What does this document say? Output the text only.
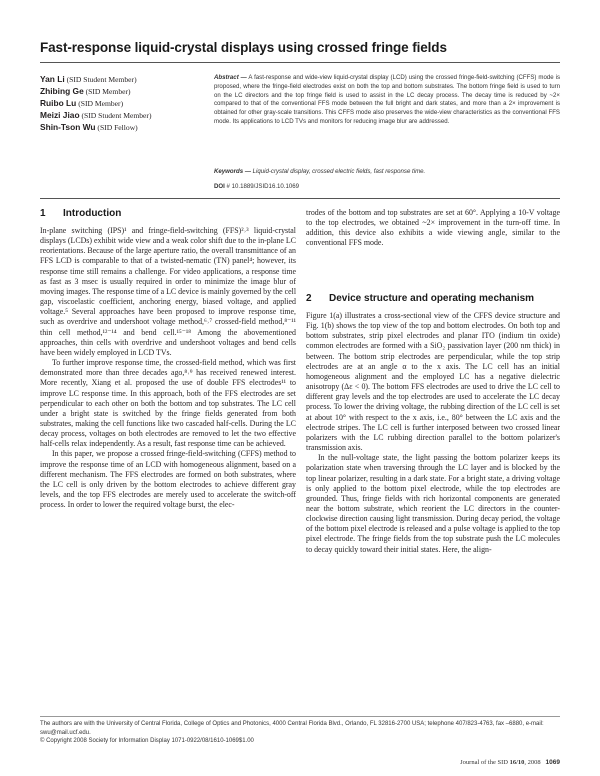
Fast-response liquid-crystal displays using crossed fringe fields
Yan Li (SID Student Member)
Zhibing Ge (SID Member)
Ruibo Lu (SID Member)
Meizi Jiao (SID Student Member)
Shin-Tson Wu (SID Fellow)
Abstract — A fast-response and wide-view liquid-crystal display (LCD) using the crossed fringe-field-switching (CFFS) mode is proposed, where the fringe-field electrodes exist on both the top and bottom substrates. The bottom fringe field is used to turn on the LC directors and the top fringe field is used to assist in the LC decay process. The decay time is reduced by ~2× compared to that of the conventional FFS mode between the full bright and dark states, and more than a 2× improvement is obtained for other gray-scale transitions. This CFFS mode also preserves the wide-view characteristics as the conventional FFS mode. Its applications to LCD TVs and monitors for reducing image blur are addressed.
Keywords — Liquid-crystal display, crossed electric fields, fast response time.
DOI # 10.1889/JSID16.10.1069
1 Introduction

In-plane switching (IPS)¹ and fringe-field-switching (FFS)²˒³ liquid-crystal displays (LCDs) exhibit wide view and a weak color shift due to the in-plane LC reorientations. Because of the large aperture ratio, the overall transmittance of an FFS LCD is comparable to that of a twisted-nematic (TN) panel⁴; however, its response time still remains a challenge. For video applications, a response time as fast as 3 msec is usually required in order to minimize the image blur of moving images. The response time of a LC device is mainly governed by the cell gap, viscoelastic coefficient, anchoring energy, biased voltage, and applied voltage.⁵ Several approaches have been proposed to improve response time, such as overdrive and undershoot voltage method,⁶˒⁷ crossed-field method,⁸⁻¹¹ thin cell method,¹²⁻¹⁴ and bend cell.¹⁵⁻¹⁸ Among the abovementioned approaches, thin cells with overdrive and undershoot voltages and bend cells have been widely employed in LCD TVs.

To further improve response time, the crossed-field method, which was first demonstrated more than three decades ago,⁸˒⁹ has received renewed interest. More recently, Xiang et al. proposed the use of double FFS electrodes¹¹ to improve LC response time. In this approach, both of the FFS electrodes are set perpendicular to each other on both the bottom and top substrates. The LC cell under a bright state is switched by the fringe fields generated from both substrates, making the cell functions like two cascaded half-cells. During the LC decay process, voltages on both electrodes are removed to let the two effective half-cells relax independently. As a result, fast response time can be achieved.

In this paper, we propose a crossed fringe-field-switching (CFFS) method to improve the response time of an LCD with homogeneous alignment, based on a different mechanism. The FFS electrodes are formed on both substrates, where the LC cell is only driven by the bottom electrodes to achieve different gray levels, and the top FFS electrodes are merely used to accelerate the switch-off process. In order to lower the required voltage burst, the elec-

trodes of the bottom and top substrates are set at 60°. Applying a 10-V voltage to the top electrodes, we obtained ~2× improvement in the turn-off time. In addition, this device also exhibits a wide viewing angle, similar to the conventional FFS mode.

2 Device structure and operating mechanism

Figure 1(a) illustrates a cross-sectional view of the CFFS device structure and Fig. 1(b) shows the top view of the top and bottom electrodes. On both top and bottom substrates, strip pixel electrodes and planar ITO (indium tin oxide) common electrodes are formed with a SiO₂ passivation layer (200 nm thick) in between. The bottom strip electrodes are perpendicular, while the top strip electrodes are at an angle α to the x axis. The LC cell has an initial homogeneous alignment and the employed LC has a negative dielectric anisotropy (Δε < 0). The bottom FFS electrodes are used to drive the LC cell to different gray levels and the top electrodes are used to accelerate the LC decay process. To lower the driving voltage, the rubbing direction of the LC cell is set at about 10° with respect to the x axis, i.e., 80° between the LC axis and the electrode stripes. The LC cell is further interposed between two crossed linear polarizers with the LC rubbing direction parallel to the bottom polarizer's transmission axis.

In the null-voltage state, the light passing the bottom polarizer keeps its polarization state when traversing through the LC layer and is blocked by the top linear polarizer, resulting in a dark state. For a bright state, a driving voltage is only applied to the bottom pixel electrode, while the top electrodes are grounded. Thus, fringe fields with rich horizontal components are generated near the bottom substrate, which reorient the LC directors in the counter-clockwise direction causing light transmission. During decay period, the voltage of the bottom pixel electrode is released and a pulse voltage is applied to the top pixel electrode. The fringe fields from the top substrate push the LC molecules to decay quickly toward their initial states. Here, the align-

The authors are with the University of Central Florida, College of Optics and Photonics, 4000 Central Florida Blvd., Orlando, FL 32816-2700 USA; telephone 407/823-4763, fax –6880, e-mail: swu@mail.ucf.edu.
© Copyright 2008 Society for Information Display 1071-0922/08/1610-1069$1.00
Journal of the SID 16/10, 2008 1069
